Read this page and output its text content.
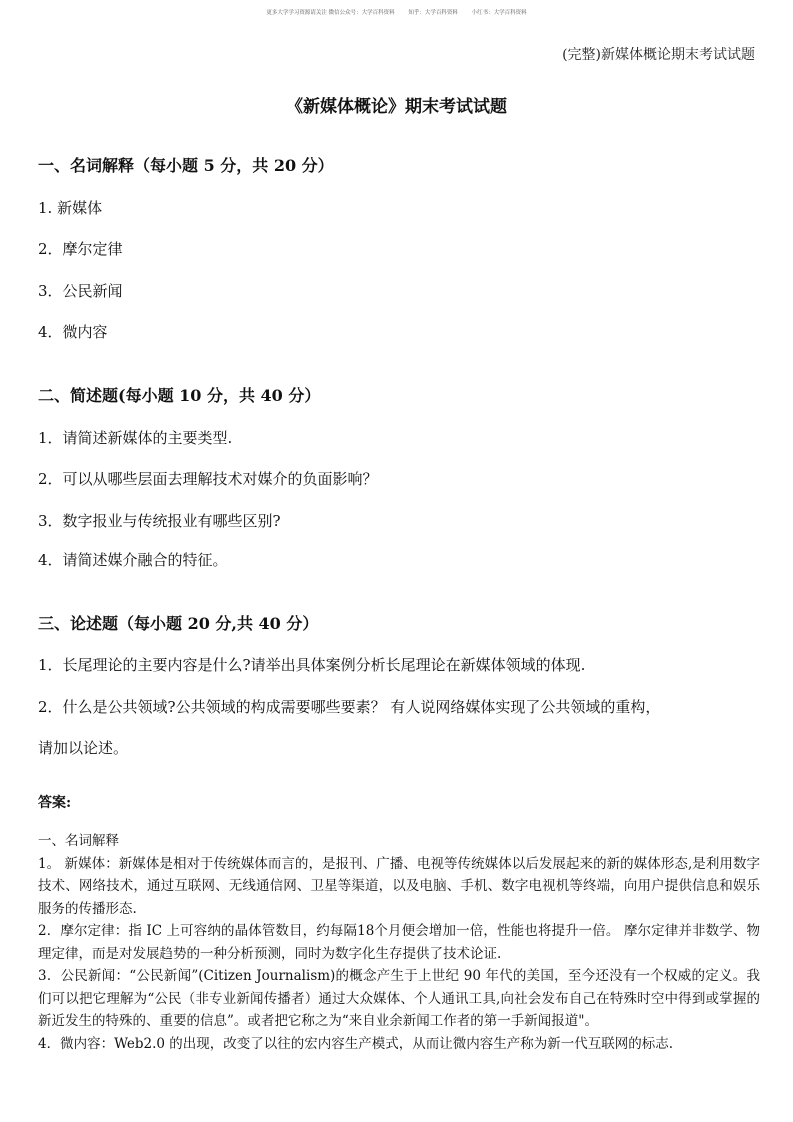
更多大学学习资源请关注 微信公众号：大学百科资料	知乎：大学百科资料	小红书：大学百科资料
(完整)新媒体概论期末考试试题
《新媒体概论》期末考试试题
一、名词解释（每小题 5 分，共 20 分）
1. 新媒体
2．摩尔定律
3．公民新闻
4．微内容
二、简述题(每小题 10 分，共 40 分）
1．请简述新媒体的主要类型.
2．可以从哪些层面去理解技术对媒介的负面影响？
3．数字报业与传统报业有哪些区别?
4．请简述媒介融合的特征。
三、论述题（每小题 20 分,共 40 分）
1．长尾理论的主要内容是什么?请举出具体案例分析长尾理论在新媒体领域的体现.
2．什么是公共领域?公共领域的构成需要哪些要素？ 有人说网络媒体实现了公共领域的重构，
请加以论述。
答案:

一、名词解释

1。 新媒体：新媒体是相对于传统媒体而言的，是报刊、广播、电视等传统媒体以后发展起来的新的媒体形态,是利用数字技术、网络技术，通过互联网、无线通信网、卫星等渠道，以及电脑、手机、数字电视机等终端，向用户提供信息和娱乐服务的传播形态.

2．摩尔定律：指 IC 上可容纳的晶体管数目，约每隔18个月便会增加一倍，性能也将提升一倍。 摩尔定律并非数学、物理定律，而是对发展趋势的一种分析预测，同时为数字化生存提供了技术论证.

3．公民新闻：“公民新闻”(Citizen Journalism)的概念产生于上世纪 90 年代的美国，至今还没有一个权威的定义。我们可以把它理解为“公民（非专业新闻传播者）通过大众媒体、个人通讯工具,向社会发布自己在特殊时空中得到或掌握的新近发生的特殊的、重要的信息”。或者把它称之为“来自业余新闻工作者的第一手新闻报道"。

4．微内容：Web2.0 的出现，改变了以往的宏内容生产模式，从而让微内容生产称为新一代互联网的标志.
